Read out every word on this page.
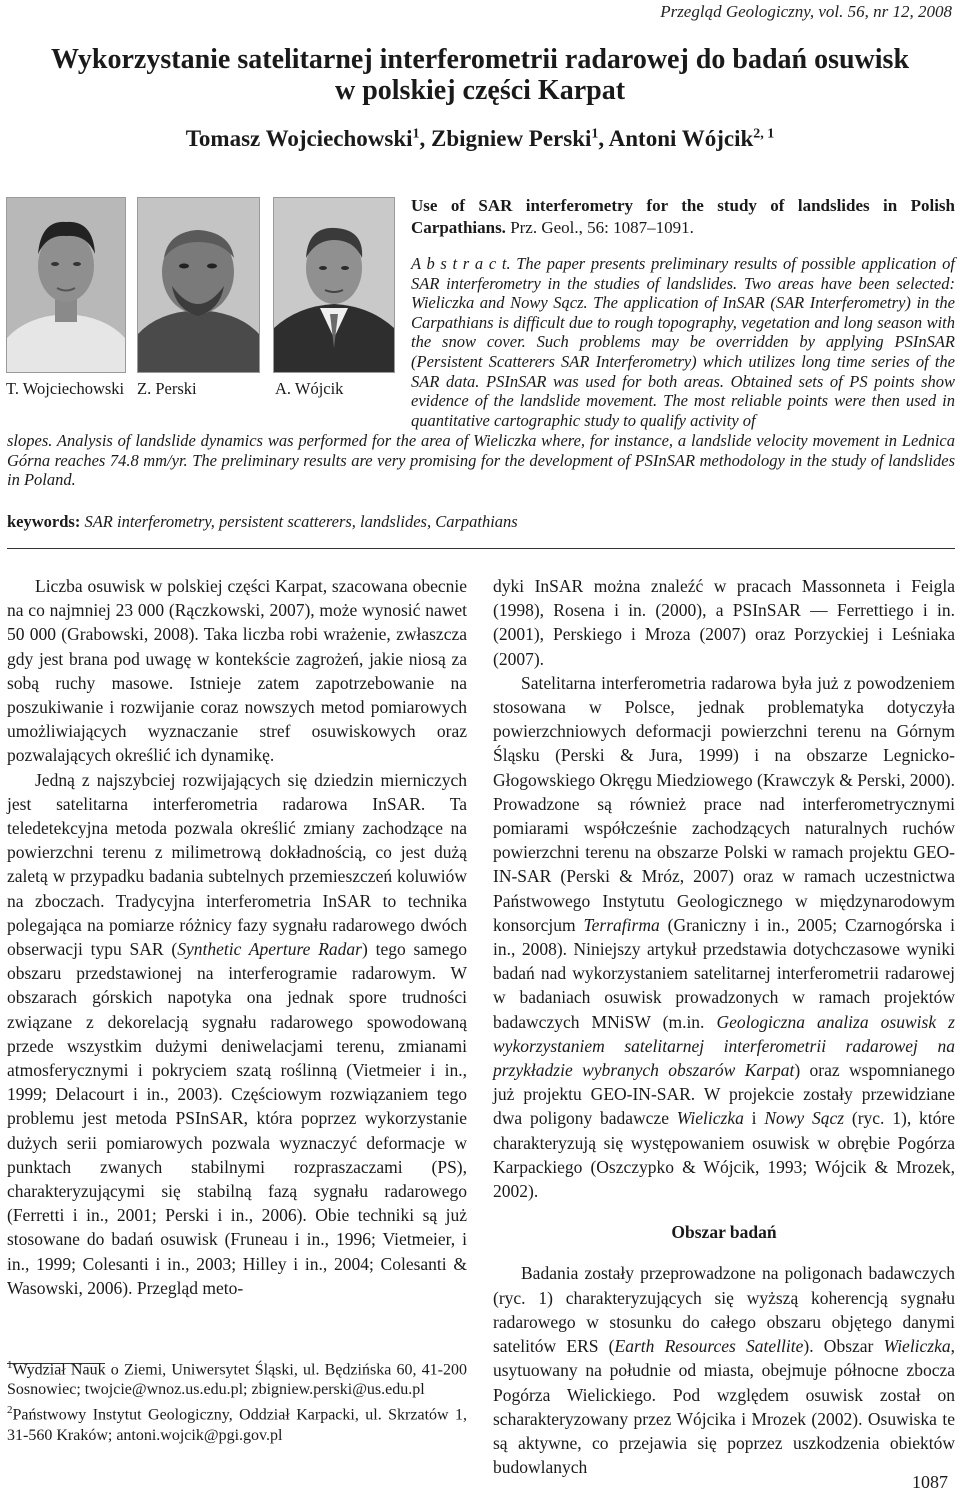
Przegląd Geologiczny, vol. 56, nr 12, 2008
Wykorzystanie satelitarnej interferometrii radarowej do badań osuwisk
w polskiej części Karpat
Tomasz Wojciechowski$^1$, Zbigniew Perski$^1$, Antoni Wójcik$^{2, 1}$
T. Wojciechowski Z. Perski	A. Wójcik
Use of SAR interferometry for the study of landslides in Polish Carpathians. Prz. Geol., 56: 1087–1091.
A b s t r a c t. The paper presents preliminary results of possible application of SAR interferometry in the studies of landslides. Two areas have been selected: Wieliczka and Nowy Sącz. The application of InSAR (SAR Interferometry) in the Carpathians is difficult due to rough topography, vegetation and long season with the snow cover. Such problems may be overridden by applying PSInSAR (Persistent Scatterers SAR Interferometry) which utilizes long time series of the SAR data. PSInSAR was used for both areas. Obtained sets of PS points show evidence of the landslide movement. The most reliable points were then used in quantitative cartographic study to qualify activity of
slopes. Analysis of landslide dynamics was performed for the area of Wieliczka where, for instance, a landslide velocity movement in Lednica Górna reaches 74.8 mm/yr. The preliminary results are very promising for the development of PSInSAR methodology in the study of landslides in Poland.
keywords: SAR interferometry, persistent scatterers, landslides, Carpathians

Liczba osuwisk w polskiej części Karpat, szacowana obecnie na co najmniej 23 000 (Rączkowski, 2007), może wynosić nawet 50 000 (Grabowski, 2008). Taka liczba robi wrażenie, zwłaszcza gdy jest brana pod uwagę w kontekście zagrożeń, jakie niosą za sobą ruchy masowe. Istnieje zatem zapotrzebowanie na poszukiwanie i rozwijanie coraz nowszych metod pomiarowych umożliwiających wyznaczanie stref osuwiskowych oraz pozwalających określić ich dynamikę.

Jedną z najszybciej rozwijających się dziedzin mierniczych jest satelitarna interferometria radarowa InSAR. Ta teledetekcyjna metoda pozwala określić zmiany zachodzące na powierzchni terenu z milimetrową dokładnością, co jest dużą zaletą w przypadku badania subtelnych przemieszczeń koluwiów na zboczach. Tradycyjna interferometria InSAR to technika polegająca na pomiarze różnicy fazy sygnału radarowego dwóch obserwacji typu SAR (Synthetic Aperture Radar) tego samego obszaru przedstawionej na interferogramie radarowym. W obszarach górskich napotyka ona jednak spore trudności związane z dekorelacją sygnału radarowego spowodowaną przede wszystkim dużymi deniwelacjami terenu, zmianami atmosferycznymi i pokryciem szatą roślinną (Vietmeier i in., 1999; Delacourt i in., 2003). Częściowym rozwiązaniem tego problemu jest metoda PSInSAR, która poprzez wykorzystanie dużych serii pomiarowych pozwala wyznaczyć deformacje w punktach zwanych stabilnymi rozpraszaczami (PS), charakteryzującymi się stabilną fazą sygnału radarowego (Ferretti i in., 2001; Perski i in., 2006). Obie techniki są już stosowane do badań osuwisk (Fruneau i in., 1996; Vietmeier, i in., 1999; Colesanti i in., 2003; Hilley i in., 2004; Colesanti & Wasowski, 2006). Przegląd meto-

dyki InSAR można znaleźć w pracach Massonneta i Feigla (1998), Rosena i in. (2000), a PSInSAR — Ferrettiego i in. (2001), Perskiego i Mroza (2007) oraz Porzyckiej i Leśniaka (2007).

Satelitarna interferometria radarowa była już z powodzeniem stosowana w Polsce, jednak problematyka dotyczyła powierzchniowych deformacji powierzchni terenu na Górnym Śląsku (Perski & Jura, 1999) i na obszarze Legnicko-Głogowskiego Okręgu Miedziowego (Krawczyk & Perski, 2000). Prowadzone są również prace nad interferometrycznymi pomiarami współcześnie zachodzących naturalnych ruchów powierzchni terenu na obszarze Polski w ramach projektu GEO-IN-SAR (Perski & Mróz, 2007) oraz w ramach uczestnictwa Państwowego Instytutu Geologicznego w międzynarodowym konsorcjum Terrafirma (Graniczny i in., 2005; Czarnogórska i in., 2008). Niniejszy artykuł przedstawia dotychczasowe wyniki badań nad wykorzystaniem satelitarnej interferometrii radarowej w badaniach osuwisk prowadzonych w ramach projektów badawczych MNiSW (m.in. Geologiczna analiza osuwisk z wykorzystaniem satelitarnej interferometrii radarowej na przykładzie wybranych obszarów Karpat) oraz wspomnianego już projektu GEO-IN-SAR. W projekcie zostały przewidziane dwa poligony badawcze Wieliczka i Nowy Sącz (ryc. 1), które charakteryzują się występowaniem osuwisk w obrębie Pogórza Karpackiego (Oszczypko & Wójcik, 1993; Wójcik & Mrozek, 2002).

Obszar badań

Badania zostały przeprowadzone na poligonach badawczych (ryc. 1) charakteryzujących się wyższą koherencją sygnału radarowego w stosunku do całego obszaru objętego danymi satelitów ERS (Earth Resources Satellite). Obszar Wieliczka, usytuowany na południe od miasta, obejmuje północne zbocza Pogórza Wielickiego. Pod względem osuwisk został on scharakteryzowany przez Wójcika i Mrozek (2002). Osuwiska te są aktywne, co przejawia się poprzez uszkodzenia obiektów budowlanych

$^1$Wydział Nauk o Ziemi, Uniwersytet Śląski, ul. Będzińska 60, 41-200 Sosnowiec; twojcie@wnoz.us.edu.pl; zbigniew.perski@us.edu.pl
$^2$Państwowy Instytut Geologiczny, Oddział Karpacki, ul. Skrzatów 1, 31-560 Kraków; antoni.wojcik@pgi.gov.pl
1087
